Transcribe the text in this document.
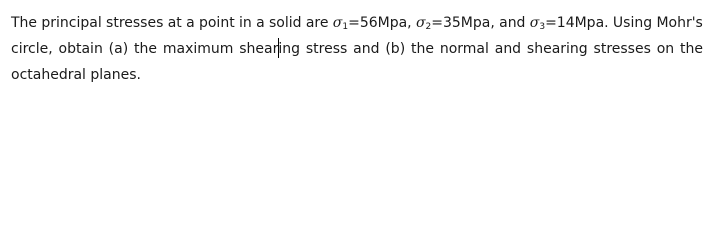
The principal stresses at a point in a solid are $\sigma_1=56Mpa$, $\sigma_2=35Mpa$, and $\sigma_3=14Mpa$. Using Mohr's
circle, obtain (a) the maximum shearing stress and (b) the normal and shearing stresses on the
octahedral planes.
